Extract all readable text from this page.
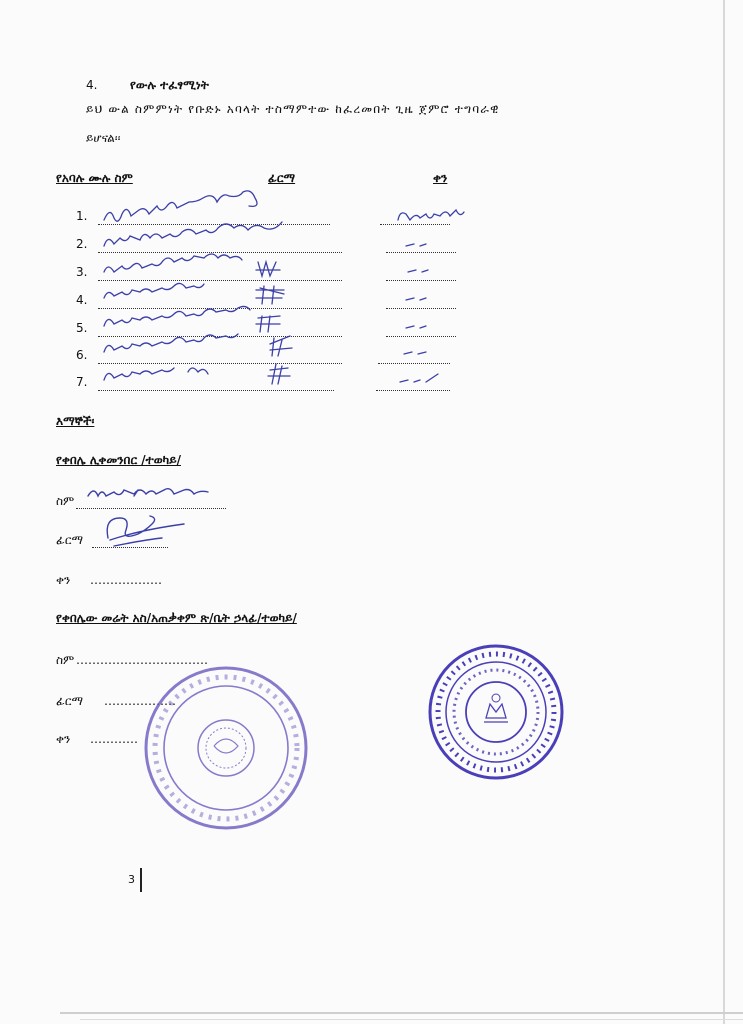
4.	የውሉ ተፈፃሚነት
ይህ ውል ስምምነት የቡድኑ አባላት ተስማምተው ከፈረመበት ጊዜ ጀምሮ ተግባራዊ
ይሆናል፡፡
የአባሉ ሙሉ ስም	ፊርማ	ቀን
1.
2.
3.
4.
5.
6.
7.
እማኞች፡
የቀበሌ ሊቀመንበር /ተወካይ/
ስም
ፊርማ
ቀን ………………
የቀበሌው መሬት አስ/አጠቃቀም ጽ/ቤት ኃላፊ/ተወካይ/
ስም ……………………………
ፊርማ ………………
ቀን …………
3
